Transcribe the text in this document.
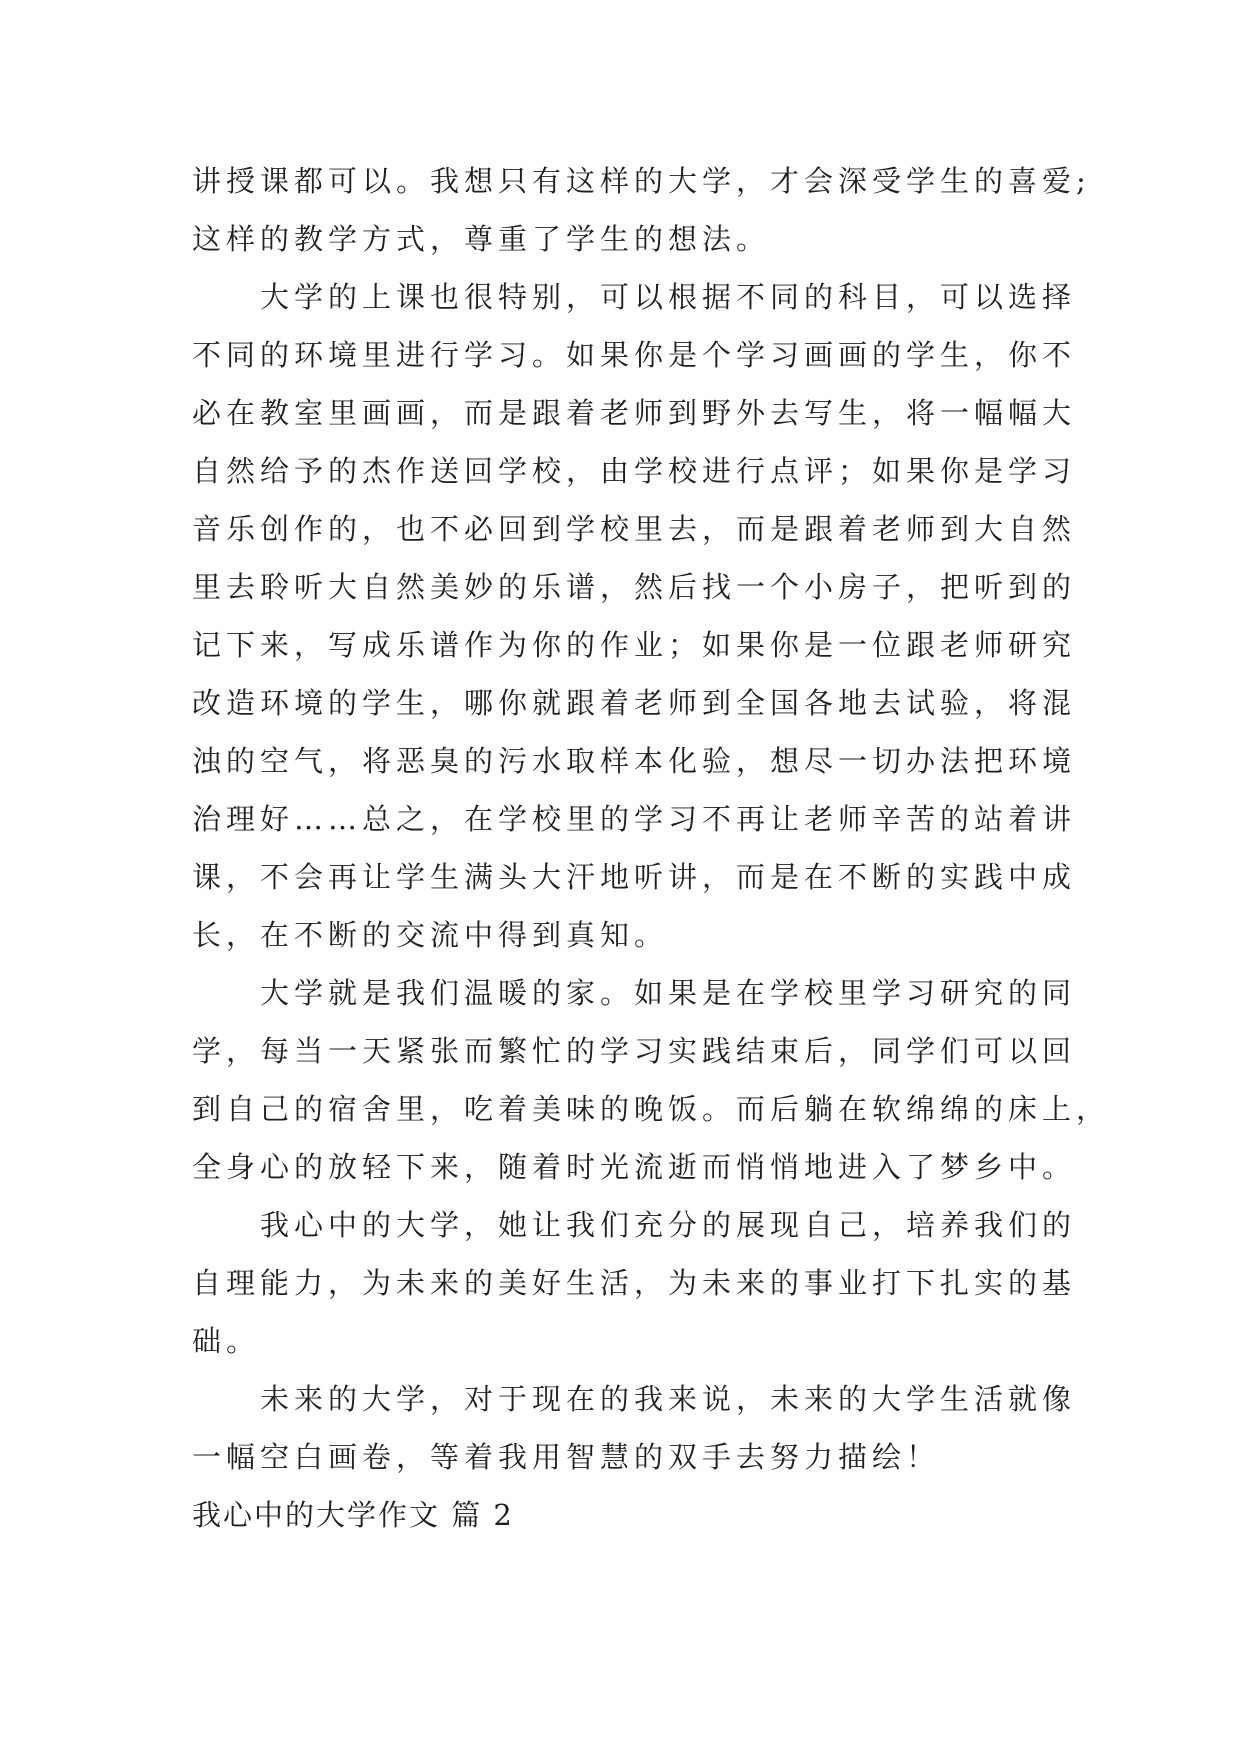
讲授课都可以。我想只有这样的大学，才会深受学生的喜爱;
这样的教学方式，尊重了学生的想法。
大学的上课也很特别，可以根据不同的科目，可以选择
不同的环境里进行学习。如果你是个学习画画的学生，你不
必在教室里画画，而是跟着老师到野外去写生，将一幅幅大
自然给予的杰作送回学校，由学校进行点评；如果你是学习
音乐创作的，也不必回到学校里去，而是跟着老师到大自然
里去聆听大自然美妙的乐谱，然后找一个小房子，把听到的
记下来，写成乐谱作为你的作业；如果你是一位跟老师研究
改造环境的学生，哪你就跟着老师到全国各地去试验，将混
浊的空气，将恶臭的污水取样本化验，想尽一切办法把环境
治理好……总之，在学校里的学习不再让老师辛苦的站着讲
课，不会再让学生满头大汗地听讲，而是在不断的实践中成
长，在不断的交流中得到真知。
大学就是我们温暖的家。如果是在学校里学习研究的同
学，每当一天紧张而繁忙的学习实践结束后，同学们可以回
到自己的宿舍里，吃着美味的晚饭。而后躺在软绵绵的床上，
全身心的放轻下来，随着时光流逝而悄悄地进入了梦乡中。
我心中的大学，她让我们充分的展现自己，培养我们的
自理能力，为未来的美好生活，为未来的事业打下扎实的基
础。
未来的大学，对于现在的我来说，未来的大学生活就像
一幅空白画卷，等着我用智慧的双手去努力描绘！
我心中的大学作文 篇 2
